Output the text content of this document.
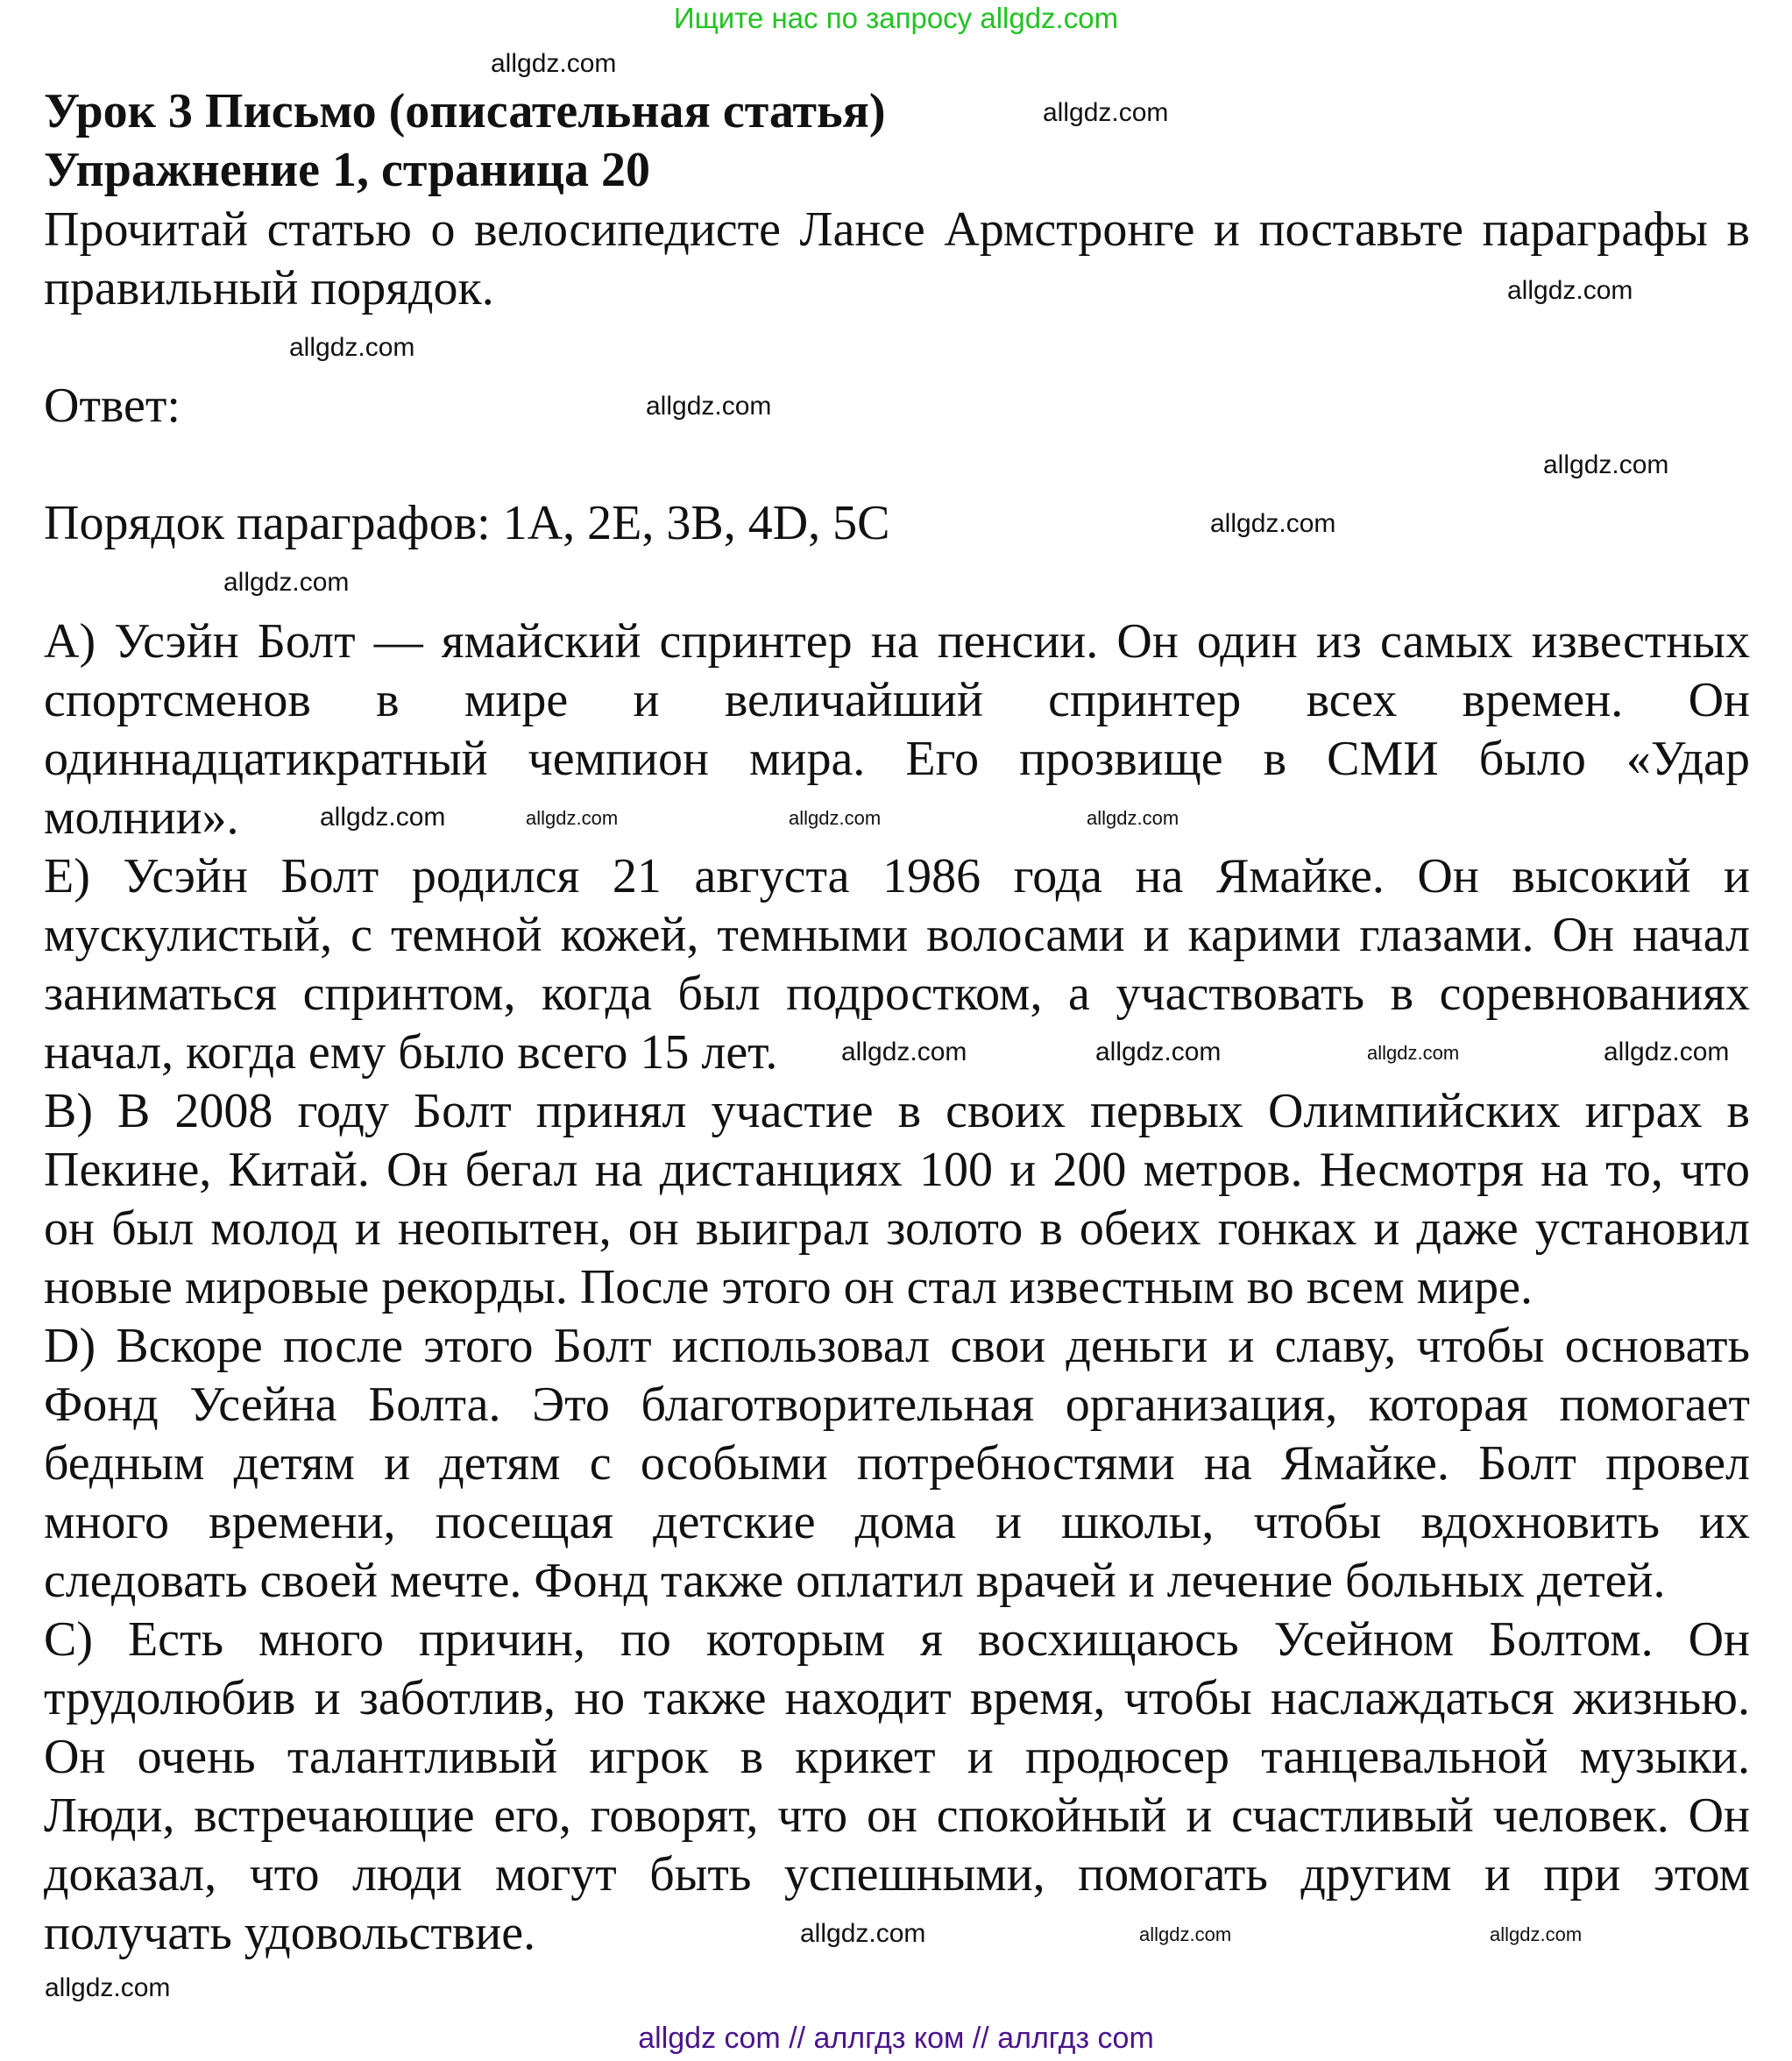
Ищите нас по запросу allgdz.com
Урок 3 Письмо (описательная статья)
Упражнение 1, страница 20
Прочитай статью о велосипедисте Лансе Армстронге и поставьте параграфы в
правильный порядок.
Ответ:
Порядок параграфов: 1A, 2E, 3B, 4D, 5C
A) Усэйн Болт — ямайский спринтер на пенсии. Он один из самых известных
спортсменов в мире и величайший спринтер всех времен. Он
одиннадцатикратный чемпион мира. Его прозвище в СМИ было «Удар
молнии».
E) Усэйн Болт родился 21 августа 1986 года на Ямайке. Он высокий и
мускулистый, с темной кожей, темными волосами и карими глазами. Он начал
заниматься спринтом, когда был подростком, а участвовать в соревнованиях
начал, когда ему было всего 15 лет.
B) В 2008 году Болт принял участие в своих первых Олимпийских играх в
Пекине, Китай. Он бегал на дистанциях 100 и 200 метров. Несмотря на то, что
он был молод и неопытен, он выиграл золото в обеих гонках и даже установил
новые мировые рекорды. После этого он стал известным во всем мире.
D) Вскоре после этого Болт использовал свои деньги и славу, чтобы основать
Фонд Усейна Болта. Это благотворительная организация, которая помогает
бедным детям и детям с особыми потребностями на Ямайке. Болт провел
много времени, посещая детские дома и школы, чтобы вдохновить их
следовать своей мечте. Фонд также оплатил врачей и лечение больных детей.
C) Есть много причин, по которым я восхищаюсь Усейном Болтом. Он
трудолюбив и заботлив, но также находит время, чтобы наслаждаться жизнью.
Он очень талантливый игрок в крикет и продюсер танцевальной музыки.
Люди, встречающие его, говорят, что он спокойный и счастливый человек. Он
доказал, что люди могут быть успешными, помогать другим и при этом
получать удовольствие.
allgdz.com
allgdz.com
allgdz.com
allgdz.com
allgdz.com
allgdz.com
allgdz.com
allgdz.com
allgdz.com
allgdz.com
allgdz.com	allgdz.com	allgdz.com
allgdz.com
allgdz.com	allgdz.com
allgdz.com	allgdz.com
allgdz.com
allgdz.com
allgdz com // аллгдз ком // аллгдз com
